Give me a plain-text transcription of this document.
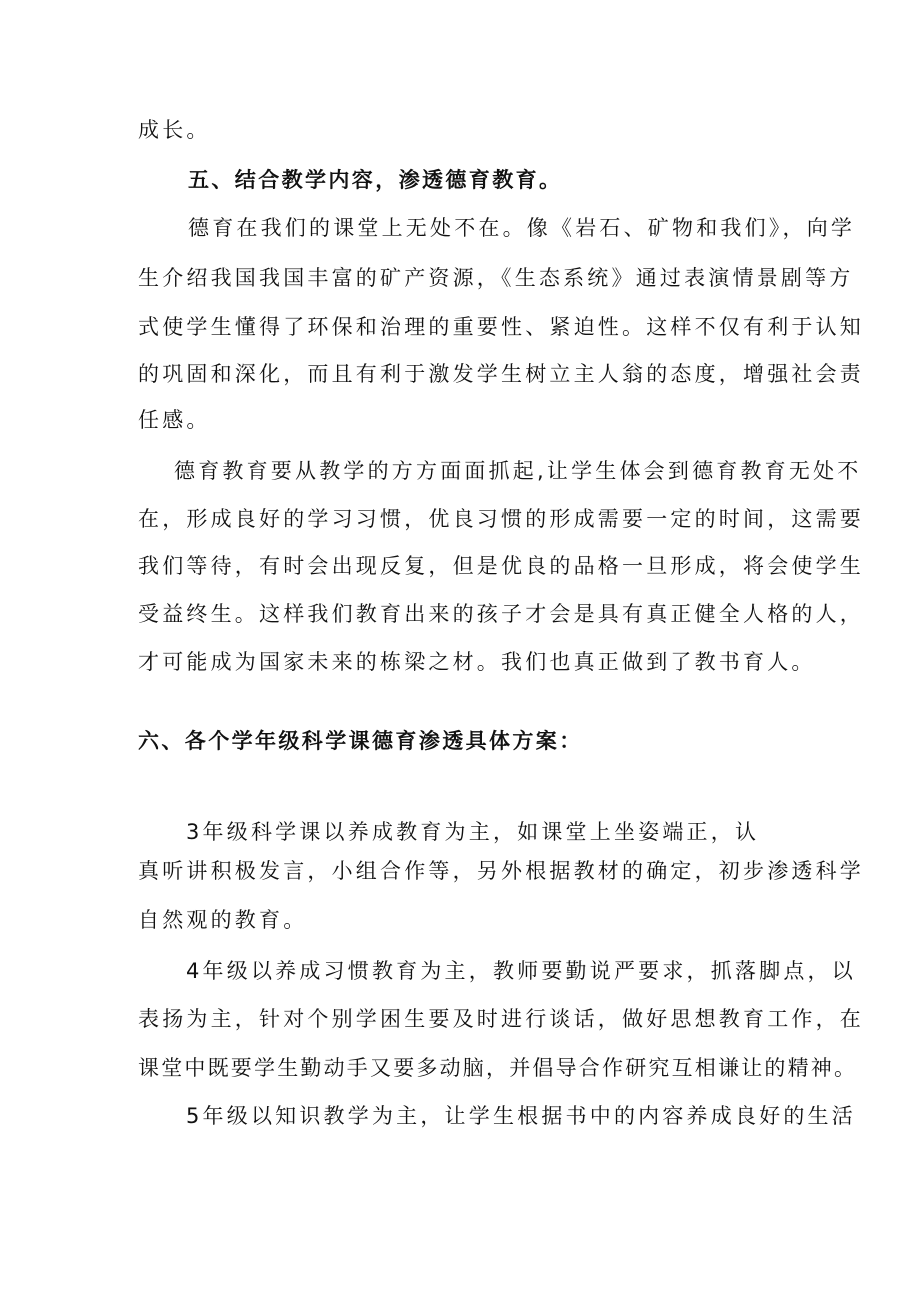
成长。
五、结合教学内容，渗透德育教育。
德育在我们的课堂上无处不在。像《岩石、矿物和我们》，向学
生介绍我国我国丰富的矿产资源，《生态系统》通过表演情景剧等方
式使学生懂得了环保和治理的重要性、紧迫性。这样不仅有利于认知
的巩固和深化，而且有利于激发学生树立主人翁的态度，增强社会责
任感。
德育教育要从教学的方方面面抓起,让学生体会到德育教育无处不
在，形成良好的学习习惯，优良习惯的形成需要一定的时间，这需要
我们等待，有时会出现反复，但是优良的品格一旦形成，将会使学生
受益终生。这样我们教育出来的孩子才会是具有真正健全人格的人，
才可能成为国家未来的栋梁之材。我们也真正做到了教书育人。
六、各个学年级科学课德育渗透具体方案：
3年级科学课以养成教育为主，如课堂上坐姿端正，认
真听讲积极发言，小组合作等，另外根据教材的确定，初步渗透科学
自然观的教育。
4年级以养成习惯教育为主，教师要勤说严要求，抓落脚点，以
表扬为主，针对个别学困生要及时进行谈话，做好思想教育工作，在
课堂中既要学生勤动手又要多动脑，并倡导合作研究互相谦让的精神。
5年级以知识教学为主，让学生根据书中的内容养成良好的生活
